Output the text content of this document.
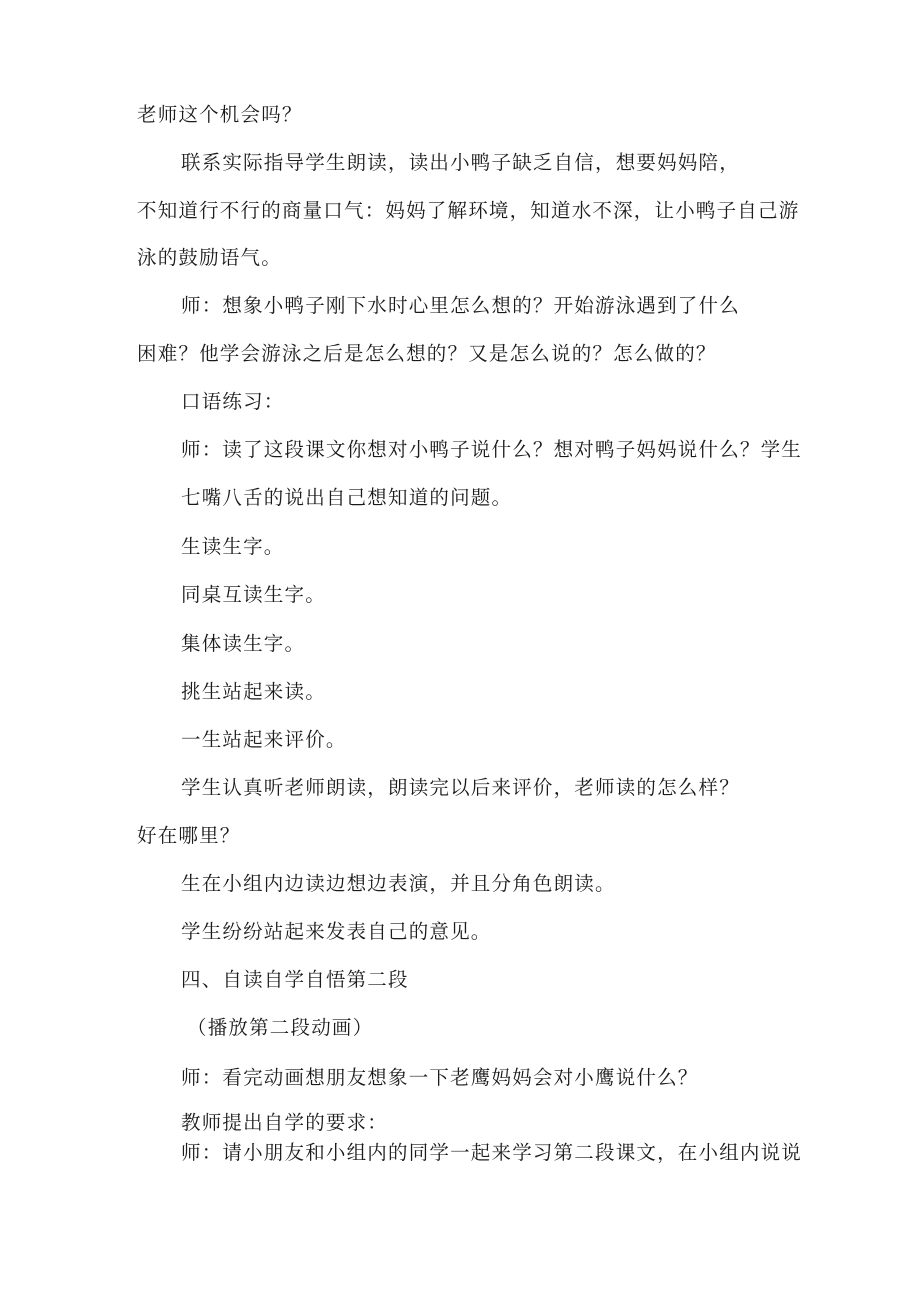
老师这个机会吗？
联系实际指导学生朗读，读出小鸭子缺乏自信，想要妈妈陪，
不知道行不行的商量口气：妈妈了解环境，知道水不深，让小鸭子自己游
泳的鼓励语气。
师：想象小鸭子刚下水时心里怎么想的？开始游泳遇到了什么
困难？他学会游泳之后是怎么想的？又是怎么说的？怎么做的？
口语练习：
师：读了这段课文你想对小鸭子说什么？想对鸭子妈妈说什么？学生
七嘴八舌的说出自己想知道的问题。
生读生字。
同桌互读生字。
集体读生字。
挑生站起来读。
一生站起来评价。
学生认真听老师朗读，朗读完以后来评价，老师读的怎么样？
好在哪里？
生在小组内边读边想边表演，并且分角色朗读。
学生纷纷站起来发表自己的意见。
四、自读自学自悟第二段
（播放第二段动画）
师：看完动画想朋友想象一下老鹰妈妈会对小鹰说什么？
教师提出自学的要求：
师：请小朋友和小组内的同学一起来学习第二段课文，在小组内说说
